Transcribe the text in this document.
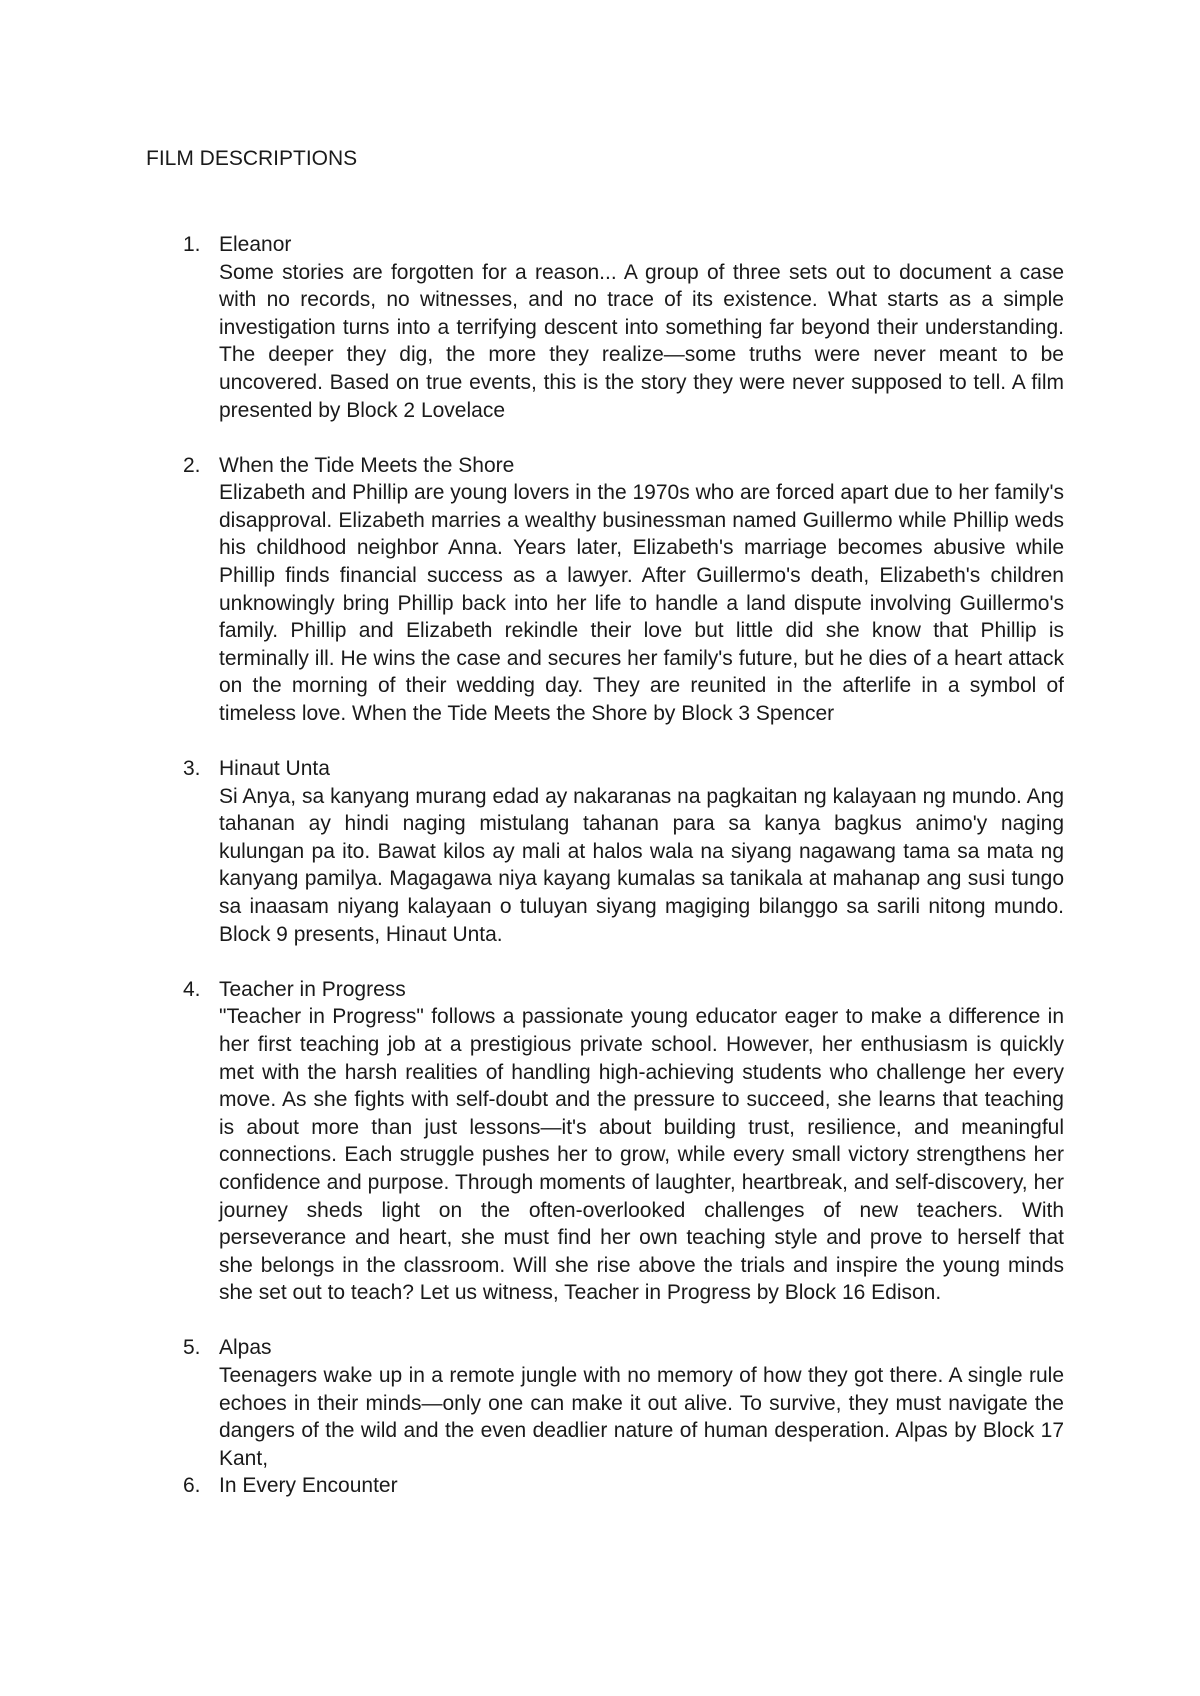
FILM DESCRIPTIONS
1. Eleanor

Some stories are forgotten for a reason... A group of three sets out to document a case with no records, no witnesses, and no trace of its existence. What starts as a simple investigation turns into a terrifying descent into something far beyond their understanding. The deeper they dig, the more they realize—some truths were never meant to be uncovered. Based on true events, this is the story they were never supposed to tell. A film presented by Block 2 Lovelace

2. When the Tide Meets the Shore

Elizabeth and Phillip are young lovers in the 1970s who are forced apart due to her family's disapproval. Elizabeth marries a wealthy businessman named Guillermo while Phillip weds his childhood neighbor Anna. Years later, Elizabeth's marriage becomes abusive while Phillip finds financial success as a lawyer. After Guillermo's death, Elizabeth's children unknowingly bring Phillip back into her life to handle a land dispute involving Guillermo's family. Phillip and Elizabeth rekindle their love but little did she know that Phillip is terminally ill. He wins the case and secures her family's future, but he dies of a heart attack on the morning of their wedding day. They are reunited in the afterlife in a symbol of timeless love. When the Tide Meets the Shore by Block 3 Spencer

3. Hinaut Unta

Si Anya, sa kanyang murang edad ay nakaranas na pagkaitan ng kalayaan ng mundo. Ang tahanan ay hindi naging mistulang tahanan para sa kanya bagkus animo'y naging kulungan pa ito. Bawat kilos ay mali at halos wala na siyang nagawang tama sa mata ng kanyang pamilya. Magagawa niya kayang kumalas sa tanikala at mahanap ang susi tungo sa inaasam niyang kalayaan o tuluyan siyang magiging bilanggo sa sarili nitong mundo. Block 9 presents, Hinaut Unta.

4. Teacher in Progress

"Teacher in Progress" follows a passionate young educator eager to make a difference in her first teaching job at a prestigious private school. However, her enthusiasm is quickly met with the harsh realities of handling high-achieving students who challenge her every move. As she fights with self-doubt and the pressure to succeed, she learns that teaching is about more than just lessons—it's about building trust, resilience, and meaningful connections. Each struggle pushes her to grow, while every small victory strengthens her confidence and purpose. Through moments of laughter, heartbreak, and self-discovery, her journey sheds light on the often-overlooked challenges of new teachers. With perseverance and heart, she must find her own teaching style and prove to herself that she belongs in the classroom. Will she rise above the trials and inspire the young minds she set out to teach? Let us witness, Teacher in Progress by Block 16 Edison.

5. Alpas

Teenagers wake up in a remote jungle with no memory of how they got there. A single rule echoes in their minds—only one can make it out alive. To survive, they must navigate the dangers of the wild and the even deadlier nature of human desperation. Alpas by Block 17 Kant,

6. In Every Encounter
